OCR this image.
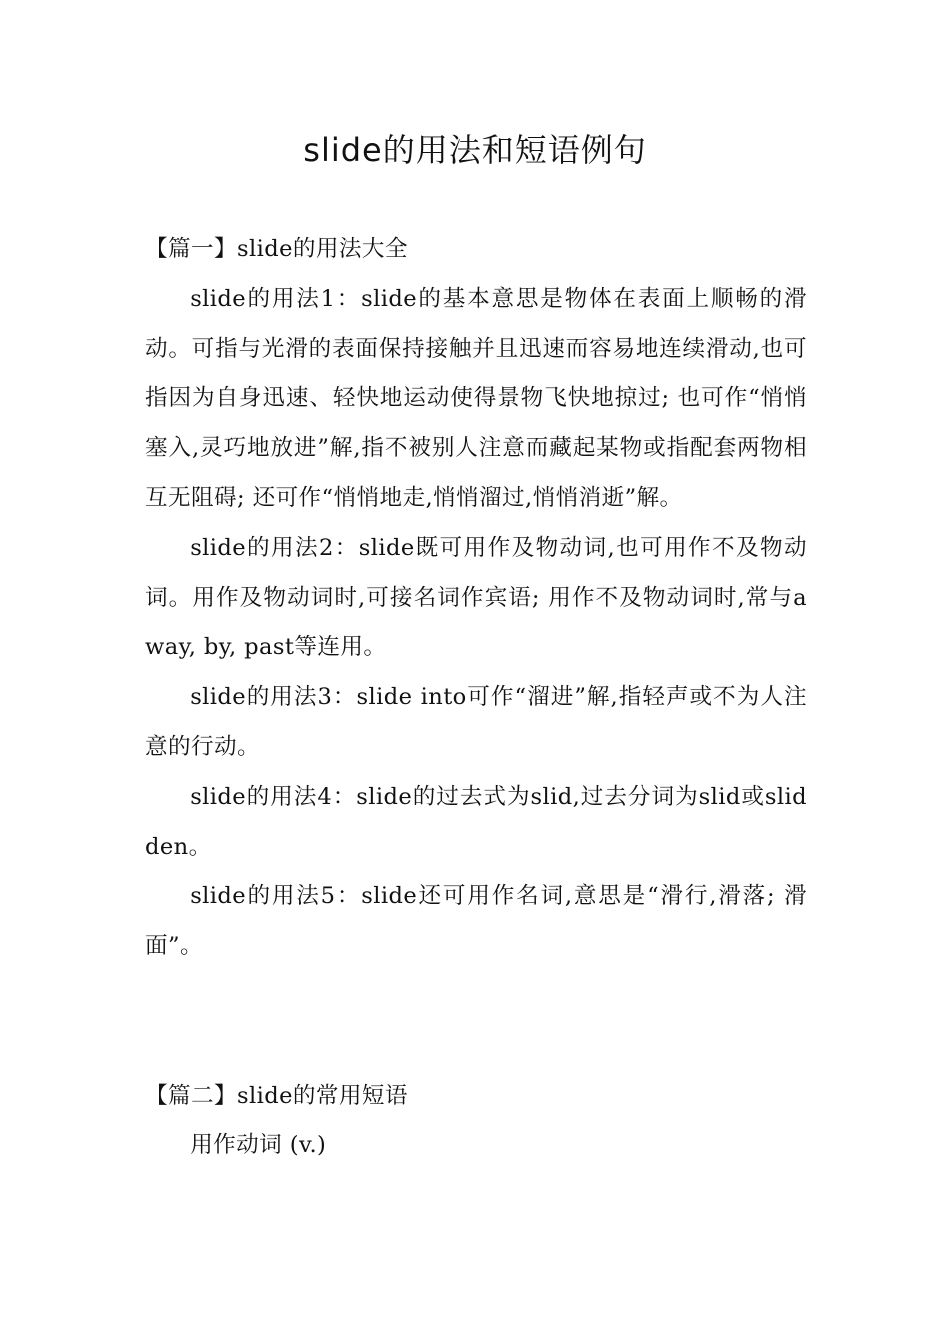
slide的用法和短语例句

【篇一】slide的用法大全

slide的用法1：slide的基本意思是物体在表面上顺畅的滑动。可指与光滑的表面保持接触并且迅速而容易地连续滑动,也可指因为自身迅速、轻快地运动使得景物飞快地掠过; 也可作“悄悄塞入,灵巧地放进”解,指不被别人注意而藏起某物或指配套两物相互无阻碍; 还可作“悄悄地走,悄悄溜过,悄悄消逝”解。

slide的用法2：slide既可用作及物动词,也可用作不及物动词。用作及物动词时,可接名词作宾语; 用作不及物动词时,常与away, by, past等连用。

slide的用法3：slide into可作“溜进”解,指轻声或不为人注意的行动。

slide的用法4：slide的过去式为slid,过去分词为slid或slidden。

slide的用法5：slide还可用作名词,意思是“滑行,滑落; 滑面”。

【篇二】slide的常用短语

用作动词 (v.)
